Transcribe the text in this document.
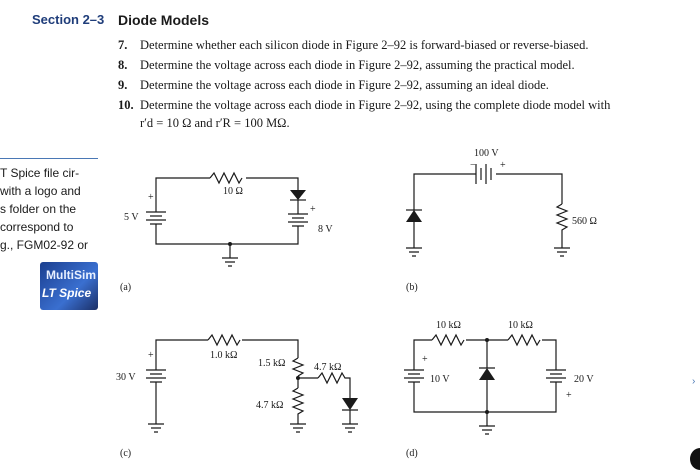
Section 2–3 Diode Models
7. Determine whether each silicon diode in Figure 2–92 is forward-biased or reverse-biased.
8. Determine the voltage across each diode in Figure 2–92, assuming the practical model.
9. Determine the voltage across each diode in Figure 2–92, assuming an ideal diode.
10. Determine the voltage across each diode in Figure 2–92, using the complete diode model with
r′d = 10 Ω and r′R = 100 MΩ.
T Spice file cir-
with a logo and
s folder on the
correspond to
g., FGM02-92 or
MultiSim
LT Spice
10 Ω
5 V
8 V
+
+
(a)
100 V
+
−
560 Ω
(b)
1.0 kΩ
1.5 kΩ	4.7 kΩ
4.7 kΩ
30 V
+
(c)
10 kΩ	10 kΩ
10 V	20 V
+
+
(d)
›
